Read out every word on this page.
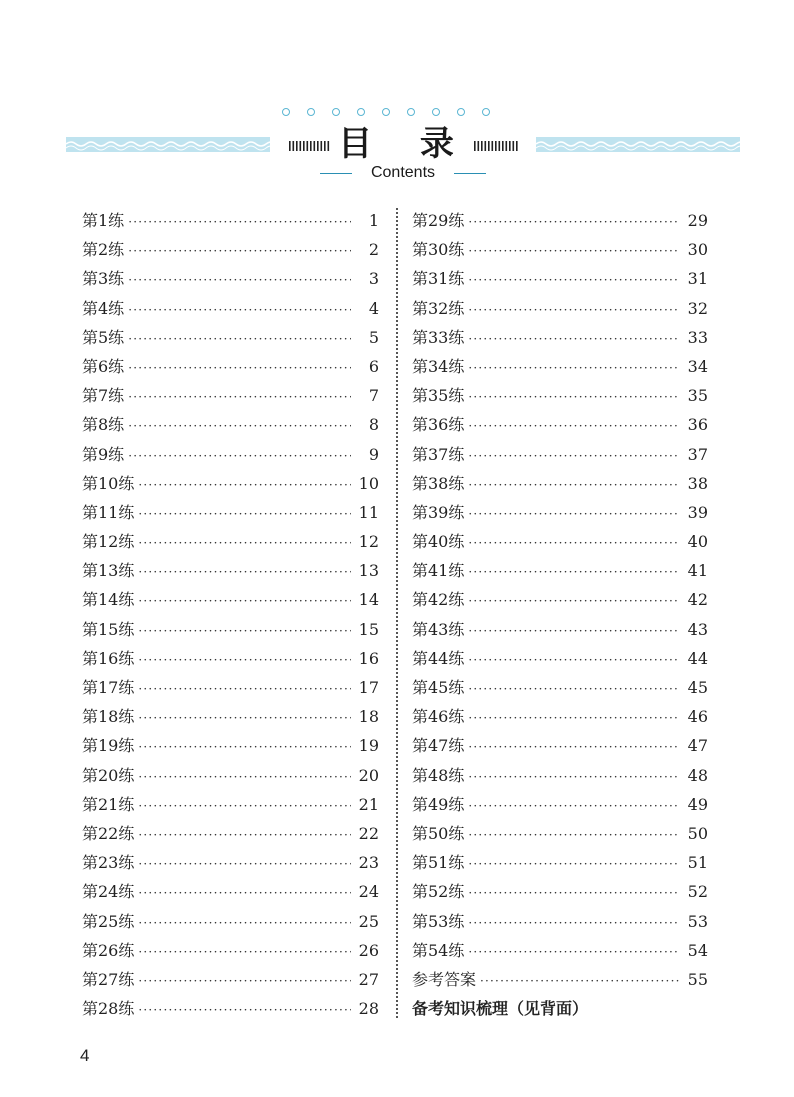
目 录
Contents
第1练 ·····	1
第2练 ·····	2
第3练 ·····	3
第4练 ·····	4
第5练 ·····	5
第6练 ·····	6
第7练 ·····	7
第8练 ·····	8
第9练 ·····	9
第10练 ·····	10
第11练 ·····	11
第12练 ·····	12
第13练 ·····	13
第14练 ·····	14
第15练 ·····	15
第16练 ·····	16
第17练 ·····	17
第18练 ·····	18
第19练 ·····	19
第20练 ·····	20
第21练 ·····	21
第22练 ·····	22
第23练 ·····	23
第24练 ·····	24
第25练 ·····	25
第26练 ·····	26
第27练 ·····	27
第28练 ·····	28
第29练 ·····	29
第30练 ·····	30
第31练 ·····	31
第32练 ·····	32
第33练 ·····	33
第34练 ·····	34
第35练 ·····	35
第36练 ·····	36
第37练 ·····	37
第38练 ·····	38
第39练 ·····	39
第40练 ·····	40
第41练 ·····	41
第42练 ·····	42
第43练 ·····	43
第44练 ·····	44
第45练 ·····	45
第46练 ·····	46
第47练 ·····	47
第48练 ·····	48
第49练 ·····	49
第50练 ·····	50
第51练 ·····	51
第52练 ·····	52
第53练 ·····	53
第54练 ·····	54
参考答案 ·····	55
备考知识梳理（见背面）
4
